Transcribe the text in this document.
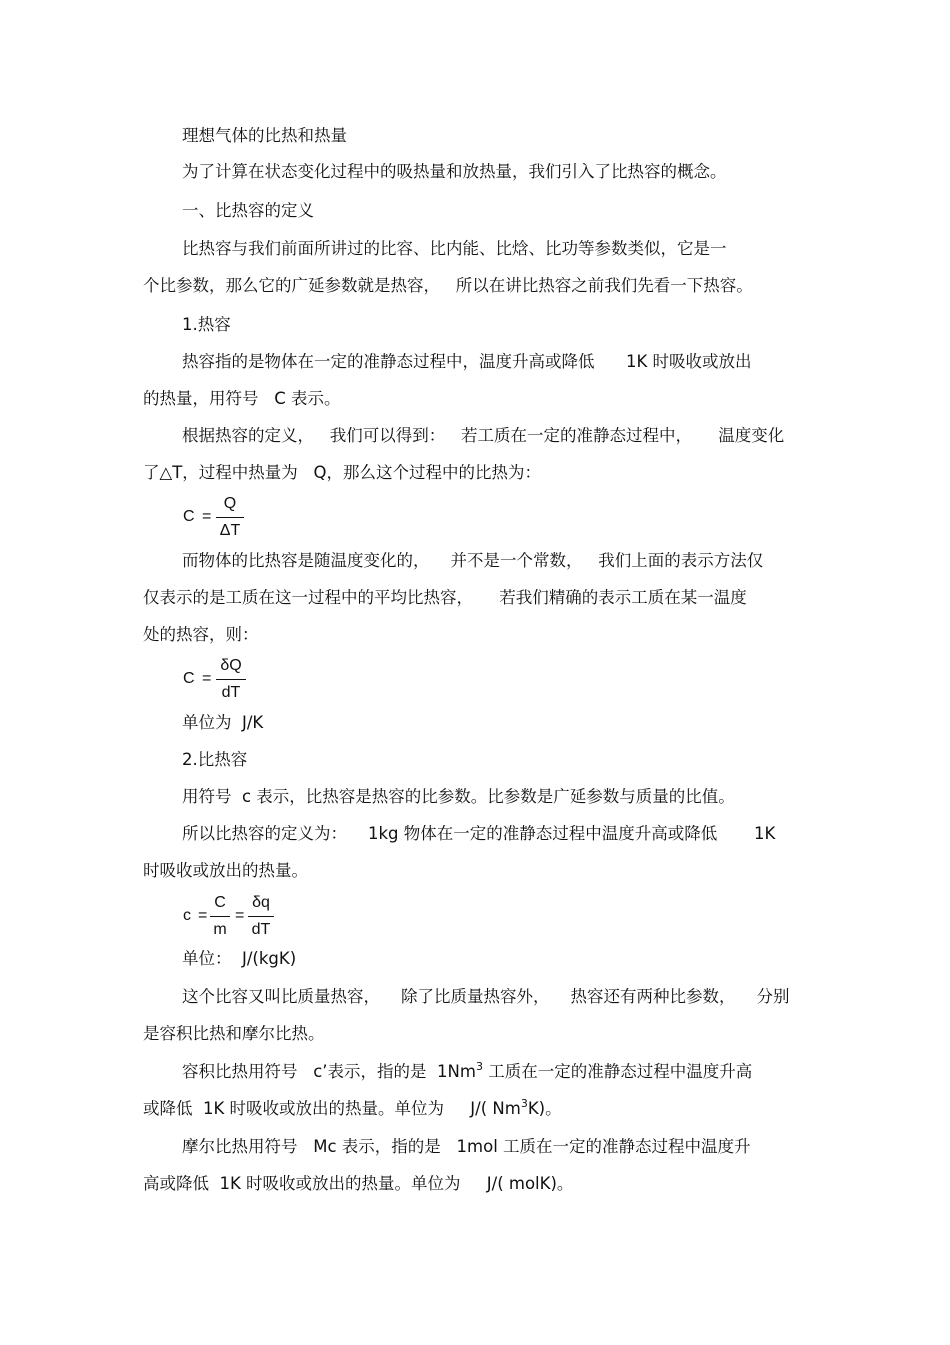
理想气体的比热和热量
为了计算在状态变化过程中的吸热量和放热量，我们引入了比热容的概念。
一、比热容的定义
比热容与我们前面所讲过的比容、比内能、比焓、比功等参数类似，它是一
个比参数，那么它的广延参数就是热容，   所以在讲比热容之前我们先看一下热容。
1.热容
热容指的是物体在一定的准静态过程中，温度升高或降低      1K 时吸收或放出
的热量，用符号   C 表示。
根据热容的定义，   我们可以得到：   若工质在一定的准静态过程中，     温度变化
了△T，过程中热量为   Q，那么这个过程中的比热为：
C =
Q
ΔT
而物体的比热容是随温度变化的，    并不是一个常数，   我们上面的表示方法仅
仅表示的是工质在这一过程中的平均比热容，     若我们精确的表示工质在某一温度
处的热容，则：
C =
δQ
dT
单位为  J/K
2.比热容
用符号  c 表示，比热容是热容的比参数。比参数是广延参数与质量的比值。
所以比热容的定义为：    1kg 物体在一定的准静态过程中温度升高或降低       1K
时吸收或放出的热量。
c =
C
m
=
δq
dT
单位：  J/(kgK)
这个比容又叫比质量热容，    除了比质量热容外，    热容还有两种比参数，    分别
是容积比热和摩尔比热。
容积比热用符号   c’表示，指的是  1Nm$^3$ 工质在一定的准静态过程中温度升高
或降低  1K 时吸收或放出的热量。单位为     J/( Nm$^3$K)。
摩尔比热用符号   Mc 表示，指的是   1mol 工质在一定的准静态过程中温度升
高或降低  1K 时吸收或放出的热量。单位为     J/( molK)。
